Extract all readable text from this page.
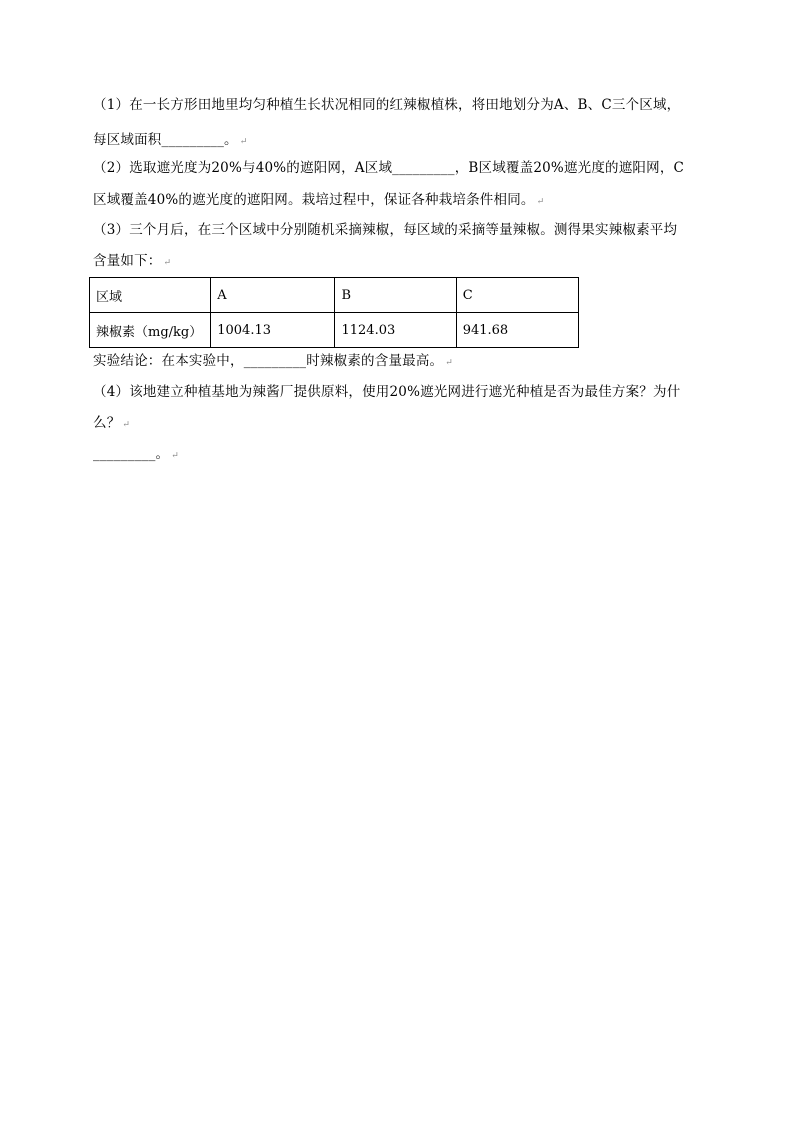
（1）在一长方形田地里均匀种植生长状况相同的红辣椒植株，将田地划分为A、B、C三个区域，
每区域面积_________。 ↵
（2）选取遮光度为20%与40%的遮阳网，A区域_________，B区域覆盖20%遮光度的遮阳网，C
区域覆盖40%的遮光度的遮阳网。栽培过程中，保证各种栽培条件相同。 ↵
（3）三个月后，在三个区域中分别随机采摘辣椒，每区域的采摘等量辣椒。测得果实辣椒素平均
含量如下： ↵
区域	A	B	C
辣椒素（mg/kg）	1004.13	1124.03	941.68
实验结论：在本实验中，_________时辣椒素的含量最高。 ↵
（4）该地建立种植基地为辣酱厂提供原料，使用20%遮光网进行遮光种植是否为最佳方案？为什
么？ ↵
_________。 ↵
